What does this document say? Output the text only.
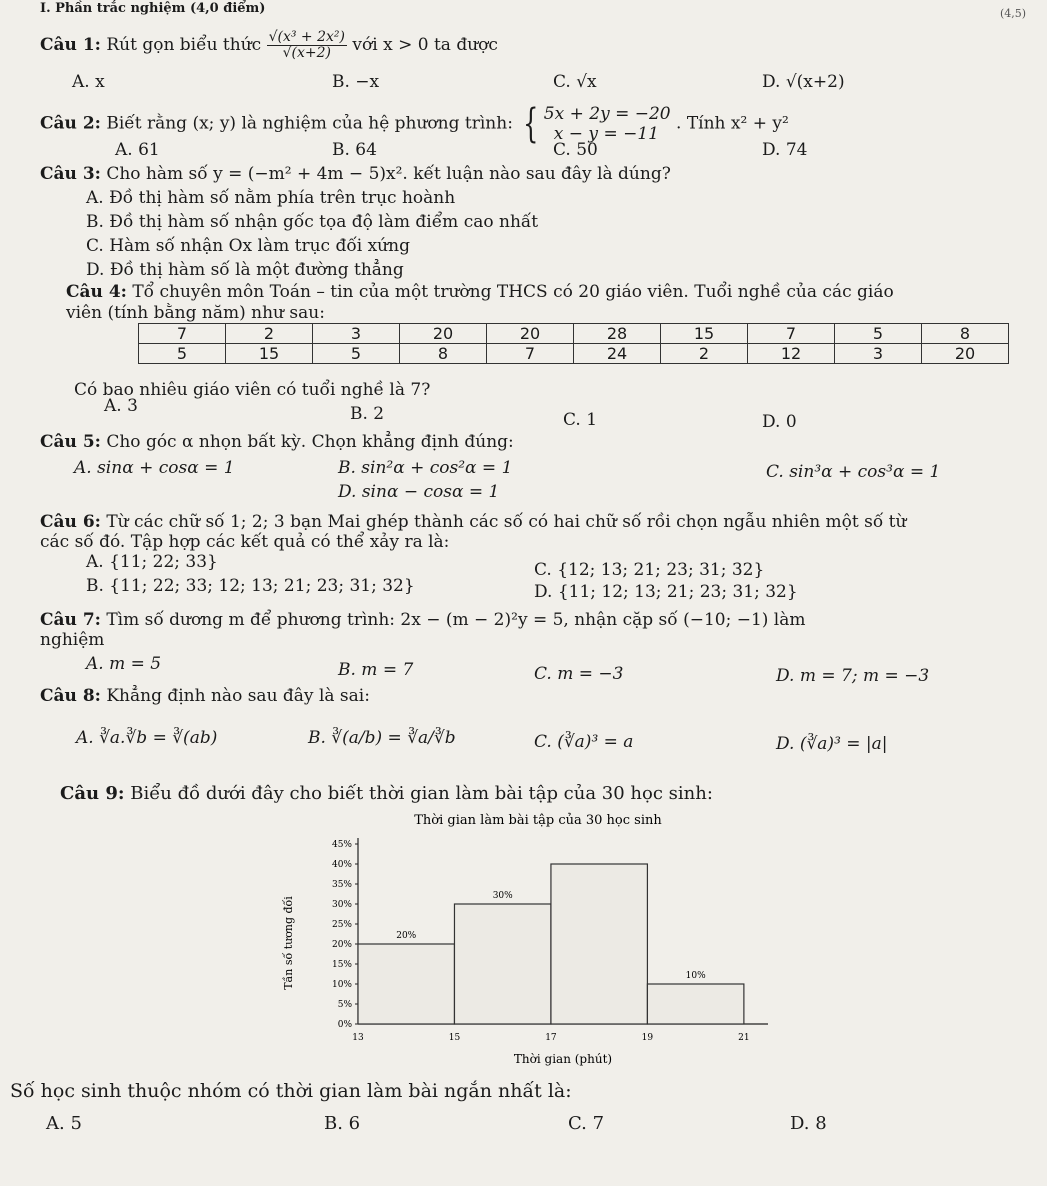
I. Phần trắc nghiệm (4,0 điểm)	(4,5)
Câu 1: Rút gọn biểu thức $\frac{\text{√(x³ + 2x²)}}{√(x+2)}$ với x > 0 ta được
A. x	B. −x	C. √x	D. √(x+2)
Câu 2: Biết rằng (x; y) là nghiệm của hệ phương trình: { 5x + 2y = −20
x − y = −11
. Tính x² + y²
A. 61	B. 64	C. 50	D. 74
Câu 3: Cho hàm số y = (−m² + 4m − 5)x². kết luận nào sau đây là dúng?
A. Đồ thị hàm số nằm phía trên trục hoành
B. Đồ thị hàm số nhận gốc tọa độ làm điểm cao nhất
C. Hàm số nhận Ox làm trục đối xứng
D. Đồ thị hàm số là một đường thẳng
Câu 4: Tổ chuyên môn Toán – tin của một trường THCS có 20 giáo viên. Tuổi nghề của các giáo
viên (tính bằng năm) như sau:
7	2	3	20	20	28	15	7	5	8
5	15	5	8	7	24	2	12	3	20
Có bao nhiêu giáo viên có tuổi nghề là 7?
A. 3	B. 2	C. 1	D. 0
Câu 5: Cho góc α nhọn bất kỳ. Chọn khẳng định đúng:
A. sinα + cosα = 1	B. sin²α + cos²α = 1	C. sin³α + cos³α = 1
D. sinα − cosα = 1
Câu 6: Từ các chữ số 1; 2; 3 bạn Mai ghép thành các số có hai chữ số rồi chọn ngẫu nhiên một số từ
các số đó. Tập hợp các kết quả có thể xảy ra là:
A. {11; 22; 33}	C. {12; 13; 21; 23; 31; 32}
B. {11; 22; 33; 12; 13; 21; 23; 31; 32}	D. {11; 12; 13; 21; 23; 31; 32}
Câu 7: Tìm số dương m để phương trình: 2x − (m − 2)²y = 5, nhận cặp số (−10; −1) làm
nghiệm
A. m = 5	B. m = 7	C. m = −3	D. m = 7; m = −3
Câu 8: Khẳng định nào sau đây là sai:
A. ∛a.∛b = ∛(ab)	B. ∛(a/b) = ∛a/∛b	C. (∛a)³ = a	D. (∛a)³ = |a|
Câu 9: Biểu đồ dưới đây cho biết thời gian làm bài tập của 30 học sinh:
Thời gian làm bài tập của 30 học sinh
Tần số tương đối
Thời gian (phút)
0%
5%
10%
15%
20%
25%
30%
35%
40%
45%
13	15	17	19	21
20%
30%
10%
Số học sinh thuộc nhóm có thời gian làm bài ngắn nhất là:
A. 5	B. 6	C. 7	D. 8
